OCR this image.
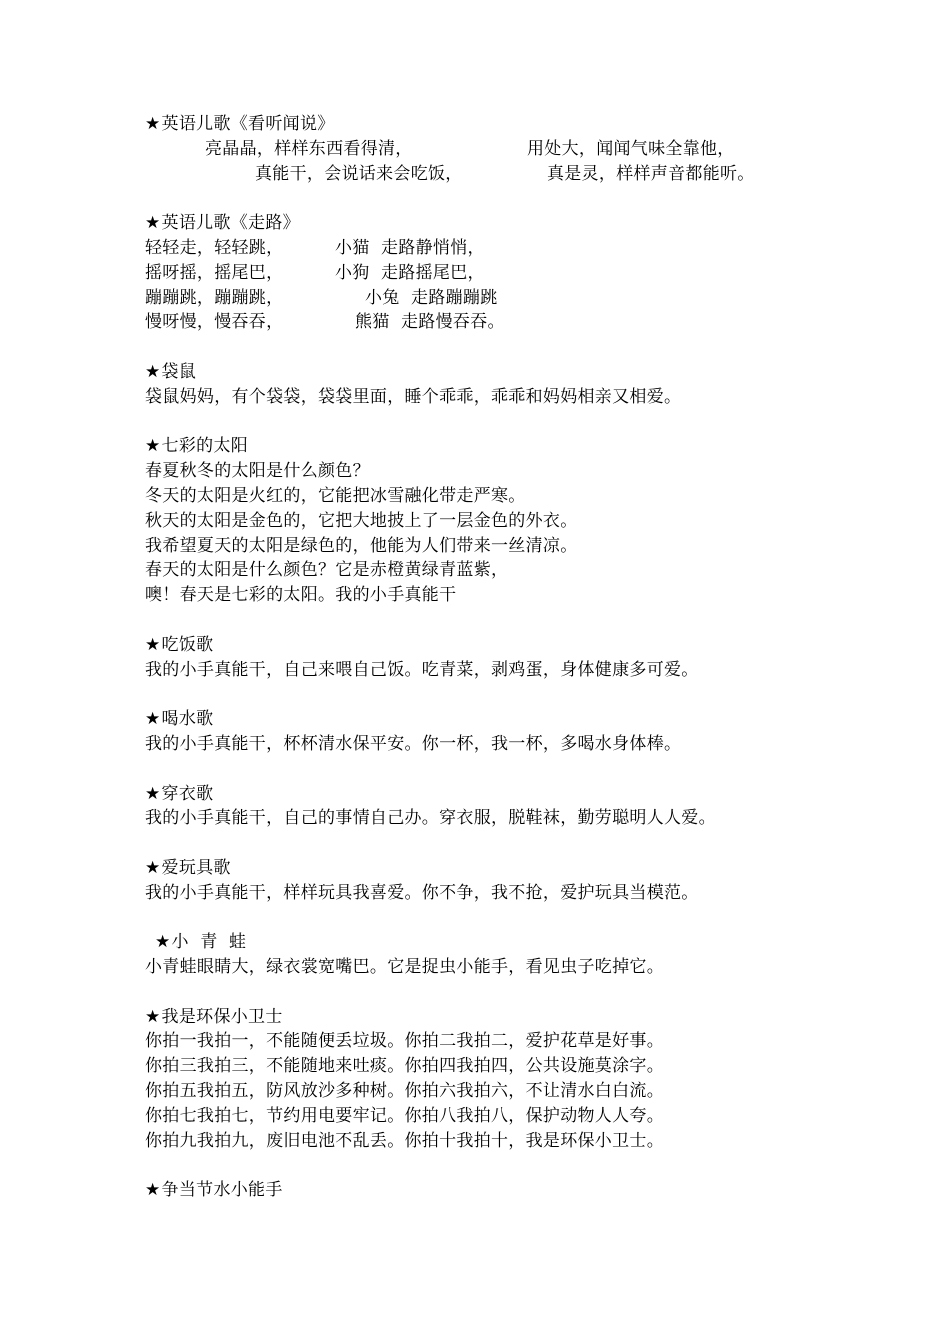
★英语儿歌《看听闻说》
亮晶晶，样样东西看得清，	用处大，闻闻气味全靠他，
真能干，会说话来会吃饭，	真是灵，样样声音都能听。
★英语儿歌《走路》
轻轻走，轻轻跳，	小猫  走路静悄悄，
摇呀摇，摇尾巴，	小狗  走路摇尾巴，
蹦蹦跳，蹦蹦跳，	小兔  走路蹦蹦跳
慢呀慢，慢吞吞，	熊猫  走路慢吞吞。
★袋鼠
袋鼠妈妈，有个袋袋，袋袋里面，睡个乖乖，乖乖和妈妈相亲又相爱。
★七彩的太阳
春夏秋冬的太阳是什么颜色？
冬天的太阳是火红的，它能把冰雪融化带走严寒。
秋天的太阳是金色的，它把大地披上了一层金色的外衣。
我希望夏天的太阳是绿色的，他能为人们带来一丝清凉。
春天的太阳是什么颜色？它是赤橙黄绿青蓝紫，
噢！春天是七彩的太阳。我的小手真能干
★吃饭歌
我的小手真能干，自己来喂自己饭。吃青菜，剥鸡蛋，身体健康多可爱。
★喝水歌
我的小手真能干，杯杯清水保平安。你一杯，我一杯，多喝水身体棒。
★穿衣歌
我的小手真能干，自己的事情自己办。穿衣服，脱鞋袜，勤劳聪明人人爱。
★爱玩具歌
我的小手真能干，样样玩具我喜爱。你不争，我不抢，爱护玩具当模范。
★小  青  蛙
小青蛙眼睛大，绿衣裳宽嘴巴。它是捉虫小能手，看见虫子吃掉它。
★我是环保小卫士
你拍一我拍一，不能随便丢垃圾。你拍二我拍二，爱护花草是好事。
你拍三我拍三，不能随地来吐痰。你拍四我拍四，公共设施莫涂字。
你拍五我拍五，防风放沙多种树。你拍六我拍六，不让清水白白流。
你拍七我拍七，节约用电要牢记。你拍八我拍八，保护动物人人夸。
你拍九我拍九，废旧电池不乱丢。你拍十我拍十，我是环保小卫士。
★争当节水小能手
